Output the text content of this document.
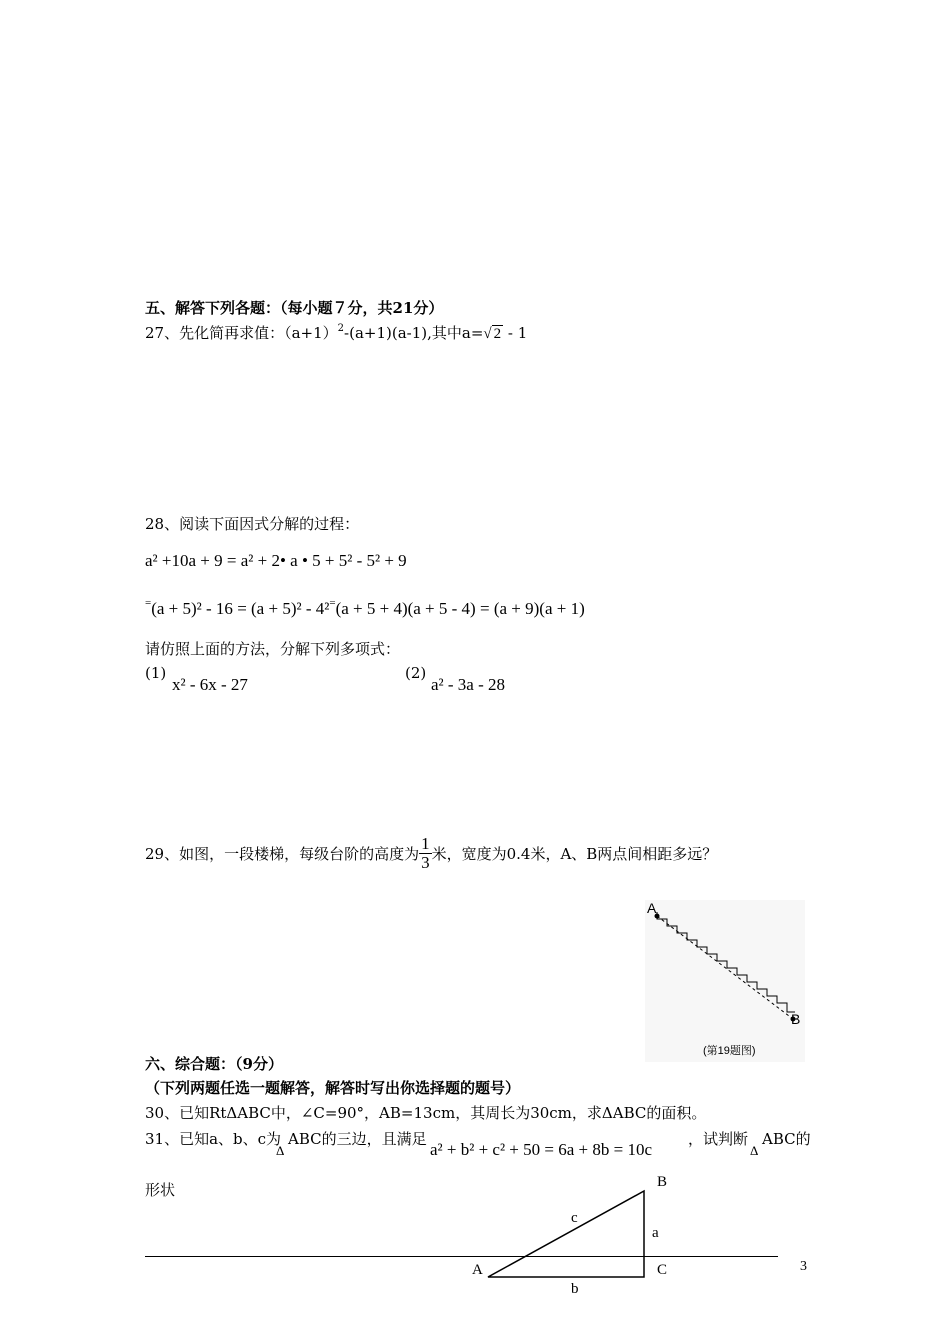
五、解答下列各题：（每小题７分，共21分）
27、先化简再求值：$(a+1)^2-(a+1)(a-1)$,其中a=√ 2 - 1
28、阅读下面因式分解的过程：
a² +10a + 9 = a² + 2• a • 5 + 5² - 5² + 9
=(a + 5)² - 16 = (a + 5)² - 4²=(a + 5 + 4)(a + 5 - 4) = (a + 9)(a + 1)
请仿照上面的方法，分解下列多项式：
(1)
x² - 6x - 27
(2)
a² - 3a - 28
29、如图，一段楼梯，每级台阶的高度为 $\frac{1}{3}$ 米，宽度为0.4米，A、B两点间相距多远？
A
B
(第19题图)
六、综合题：（9分）
（下列两题任选一题解答，解答时写出你选择题的题号）
30、已知RtΔABC中，∠C=90°，AB=13cm，其周长为30cm，求ΔABC的面积。
31、已知a、b、c为
Δ
ABC的三边，且满足
a² + b² + c² + 50 = 6a + 8b = 10c
，试判断
Δ
ABC的
形状	B
c
a
A	C
b
3
